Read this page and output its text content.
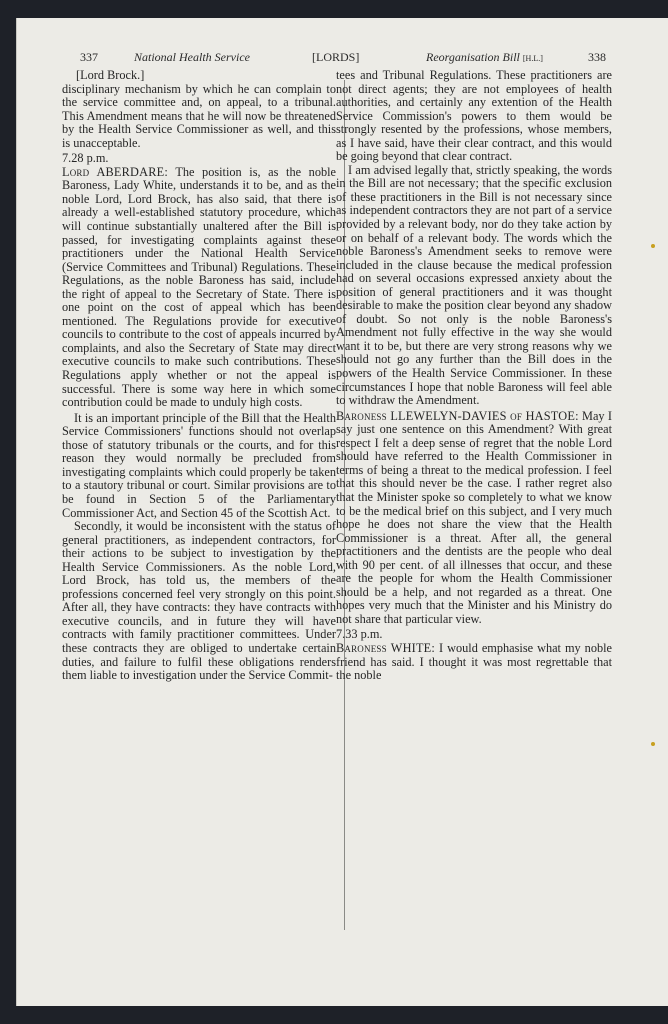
337	National Health Service	[LORDS]	Reorganisation Bill [H.L.]	338

[Lord Brock.]

disciplinary mechanism by which he can complain to the service committee and, on appeal, to a tribunal. This Amendment means that he will now be threatened by the Health Service Commissioner as well, and this is unacceptable.

7.28 p.m.

Lord ABERDARE: The position is, as the noble Baroness, Lady White, understands it to be, and as the noble Lord, Lord Brock, has also said, that there is already a well-established statutory procedure, which will continue substantially unaltered after the Bill is passed, for investigating complaints against these practitioners under the National Health Service (Service Committees and Tribunal) Regulations. These Regulations, as the noble Baroness has said, include the right of appeal to the Secretary of State. There is one point on the cost of appeal which has been mentioned. The Regulations provide for executive councils to contribute to the cost of appeals incurred by complaints, and also the Secretary of State may direct executive councils to make such contributions. These Regulations apply whether or not the appeal is successful. There is some way here in which some contribution could be made to unduly high costs.

It is an important principle of the Bill that the Health Service Commissioners' functions should not overlap those of statutory tribunals or the courts, and for this reason they would normally be precluded from investigating complaints which could properly be taken to a stautory tribunal or court. Similar provisions are to be found in Section 5 of the Parliamentary Commissioner Act, and Section 45 of the Scottish Act.

Secondly, it would be inconsistent with the status of general practitioners, as independent contractors, for their actions to be subject to investigation by the Health Service Commissioners. As the noble Lord, Lord Brock, has told us, the members of the professions concerned feel very strongly on this point. After all, they have contracts: they have contracts with executive councils, and in future they will have contracts with family practitioner committees. Under these contracts they are obliged to undertake certain duties, and failure to fulfil these obligations renders them liable to investigation under the Service Commit-

tees and Tribunal Regulations. These practitioners are not direct agents; they are not employees of health authorities, and certainly any extention of the Health Service Commission's powers to them would be strongly resented by the professions, whose members, as I have said, have their clear contract, and this would be going beyond that clear contract.

I am advised legally that, strictly speaking, the words in the Bill are not necessary; that the specific exclusion of these practitioners in the Bill is not necessary since as independent contractors they are not part of a service provided by a relevant body, nor do they take action by or on behalf of a relevant body. The words which the noble Baroness's Amendment seeks to remove were included in the clause because the medical profession had on several occasions expressed anxiety about the position of general practitioners and it was thought desirable to make the position clear beyond any shadow of doubt. So not only is the noble Baroness's Amendment not fully effective in the way she would want it to be, but there are very strong reasons why we should not go any further than the Bill does in the powers of the Health Service Commissioner. In these circumstances I hope that noble Baroness will feel able to withdraw the Amendment.

Baroness LLEWELYN-DAVIES of HASTOE: May I say just one sentence on this Amendment? With great respect I felt a deep sense of regret that the noble Lord should have referred to the Health Commissioner in terms of being a threat to the medical profession. I feel that this should never be the case. I rather regret also that the Minister spoke so completely to what we know to be the medical brief on this subject, and I very much hope he does not share the view that the Health Commissioner is a threat. After all, the general practitioners and the dentists are the people who deal with 90 per cent. of all illnesses that occur, and these are the people for whom the Health Commissioner should be a help, and not regarded as a threat. One hopes very much that the Minister and his Ministry do not share that particular view.

7.33 p.m.

Baroness WHITE: I would emphasise what my noble friend has said. I thought it was most regrettable that the noble
